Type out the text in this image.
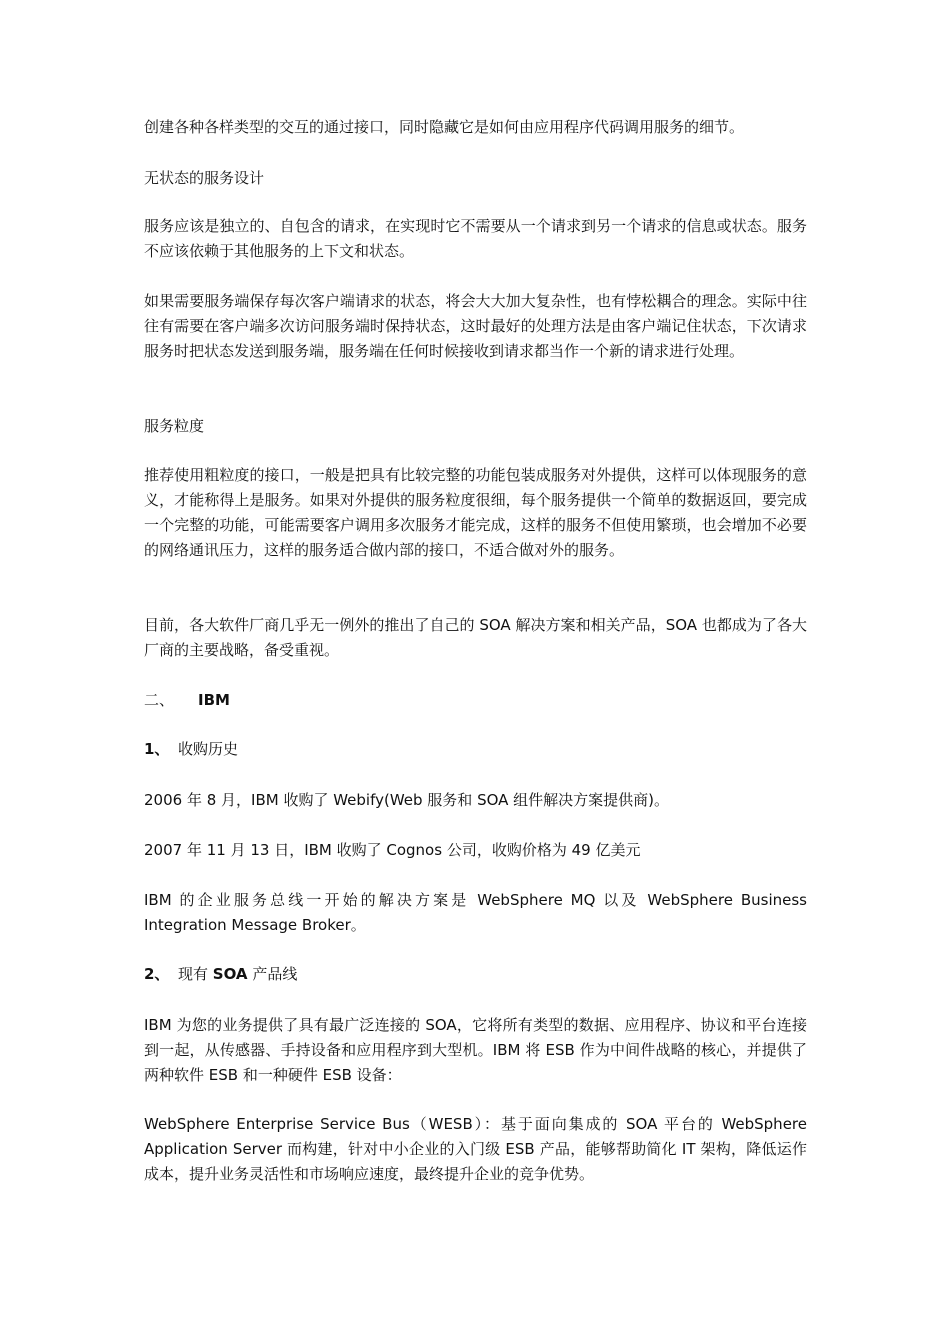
创建各种各样类型的交互的通过接口，同时隐藏它是如何由应用程序代码调用服务的细节。

无状态的服务设计

服务应该是独立的、自包含的请求，在实现时它不需要从一个请求到另一个请求的信息或状态。服务不应该依赖于其他服务的上下文和状态。

如果需要服务端保存每次客户端请求的状态，将会大大加大复杂性，也有悖松耦合的理念。实际中往往有需要在客户端多次访问服务端时保持状态，这时最好的处理方法是由客户端记住状态，下次请求服务时把状态发送到服务端，服务端在任何时候接收到请求都当作一个新的请求进行处理。

服务粒度

推荐使用粗粒度的接口，一般是把具有比较完整的功能包装成服务对外提供，这样可以体现服务的意义，才能称得上是服务。如果对外提供的服务粒度很细，每个服务提供一个简单的数据返回，要完成一个完整的功能，可能需要客户调用多次服务才能完成，这样的服务不但使用繁琐，也会增加不必要的网络通讯压力，这样的服务适合做内部的接口，不适合做对外的服务。

目前，各大软件厂商几乎无一例外的推出了自己的 SOA 解决方案和相关产品，SOA 也都成为了各大厂商的主要战略，备受重视。

二、 IBM

1、 收购历史

2006 年 8 月，IBM 收购了 Webify(Web 服务和 SOA 组件解决方案提供商)。

2007 年 11 月 13 日，IBM 收购了 Cognos 公司，收购价格为 49 亿美元

IBM 的企业服务总线一开始的解决方案是 WebSphere MQ 以及 WebSphere Business Integration Message Broker。

2、 现有 SOA 产品线

IBM 为您的业务提供了具有最广泛连接的 SOA，它将所有类型的数据、应用程序、协议和平台连接到一起，从传感器、手持设备和应用程序到大型机。IBM 将 ESB 作为中间件战略的核心，并提供了两种软件 ESB 和一种硬件 ESB 设备：

WebSphere Enterprise Service Bus（WESB）：基于面向集成的 SOA 平台的 WebSphere Application Server 而构建，针对中小企业的入门级 ESB 产品，能够帮助简化 IT 架构，降低运作成本，提升业务灵活性和市场响应速度，最终提升企业的竞争优势。
